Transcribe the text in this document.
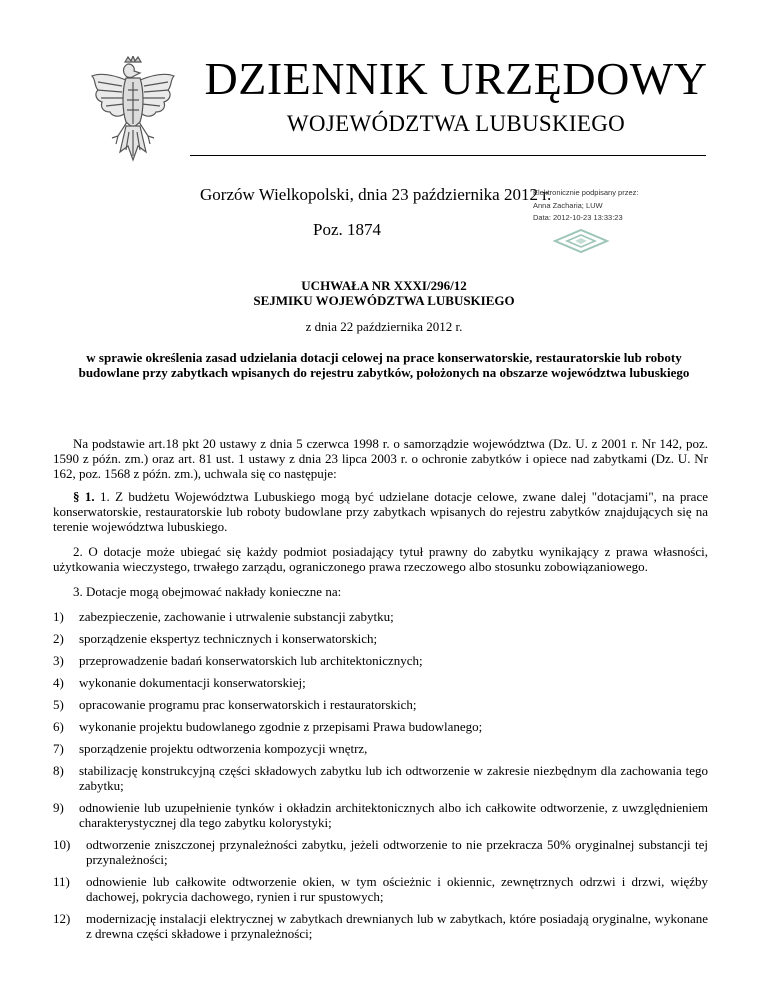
DZIENNIK URZĘDOWY
WOJEWÓDZTWA LUBUSKIEGO
Gorzów Wielkopolski, dnia 23 października 2012 r.
Poz. 1874
Elektronicznie podpisany przez:
Anna Zacharia; LUW
Data: 2012-10-23 13:33:23
UCHWAŁA NR XXXI/296/12
SEJMIKU WOJEWÓDZTWA LUBUSKIEGO
z dnia 22 października 2012 r.
w sprawie określenia zasad udzielania dotacji celowej na prace konserwatorskie, restauratorskie lub roboty budowlane przy zabytkach wpisanych do rejestru zabytków, położonych na obszarze województwa lubuskiego

Na podstawie art.18 pkt 20 ustawy z dnia 5 czerwca 1998 r. o samorządzie województwa (Dz. U. z 2001 r. Nr 142, poz. 1590 z późn. zm.) oraz art. 81 ust. 1 ustawy z dnia 23 lipca 2003 r. o ochronie zabytków i opiece nad zabytkami (Dz. U. Nr 162, poz. 1568 z późn. zm.), uchwala się co następuje:

§ 1. 1. Z budżetu Województwa Lubuskiego mogą być udzielane dotacje celowe, zwane dalej "dotacjami", na prace konserwatorskie, restauratorskie lub roboty budowlane przy zabytkach wpisanych do rejestru zabytków znajdujących się na terenie województwa lubuskiego.

2. O dotacje może ubiegać się każdy podmiot posiadający tytuł prawny do zabytku wynikający z prawa własności, użytkowania wieczystego, trwałego zarządu, ograniczonego prawa rzeczowego albo stosunku zobowiązaniowego.

3. Dotacje mogą obejmować nakłady konieczne na:

1) zabezpieczenie, zachowanie i utrwalenie substancji zabytku;
2) sporządzenie ekspertyz technicznych i konserwatorskich;
3) przeprowadzenie badań konserwatorskich lub architektonicznych;
4) wykonanie dokumentacji konserwatorskiej;
5) opracowanie programu prac konserwatorskich i restauratorskich;
6) wykonanie projektu budowlanego zgodnie z przepisami Prawa budowlanego;
7) sporządzenie projektu odtworzenia kompozycji wnętrz,
8) stabilizację konstrukcyjną części składowych zabytku lub ich odtworzenie w zakresie niezbędnym dla zachowania tego zabytku;
9) odnowienie lub uzupełnienie tynków i okładzin architektonicznych albo ich całkowite odtworzenie, z uwzględnieniem charakterystycznej dla tego zabytku kolorystyki;
10) odtworzenie zniszczonej przynależności zabytku, jeżeli odtworzenie to nie przekracza 50% oryginalnej substancji tej przynależności;
11) odnowienie lub całkowite odtworzenie okien, w tym ościeżnic i okiennic, zewnętrznych odrzwi i drzwi, więźby dachowej, pokrycia dachowego, rynien i rur spustowych;
12) modernizację instalacji elektrycznej w zabytkach drewnianych lub w zabytkach, które posiadają oryginalne, wykonane z drewna części składowe i przynależności;
